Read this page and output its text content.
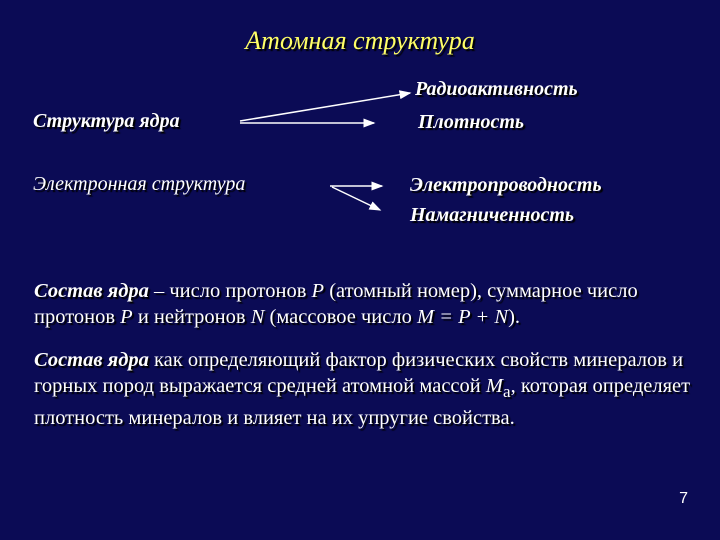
Атомная структура
Структура ядра
Электронная структура
Радиоактивность
Плотность
Электропроводность
Намагниченность
Состав ядра – число протонов P (атомный номер), суммарное число протонов P и нейтронов N (массовое число M = P + N).
Состав ядра как определяющий фактор физических свойств минералов и горных пород выражается средней атомной массой $M_a$, которая определяет плотность минералов и влияет на их упругие свойства.
7
